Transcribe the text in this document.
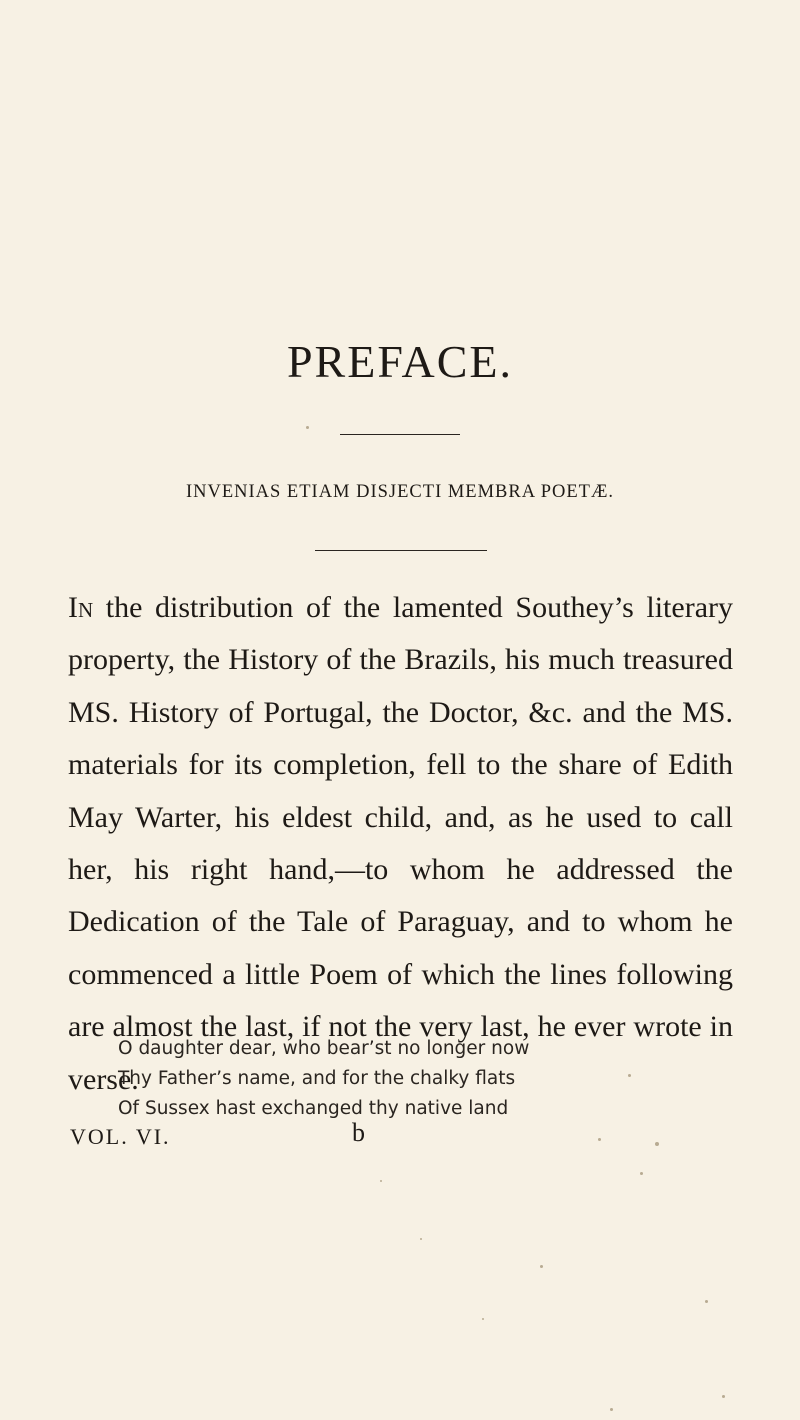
PREFACE.

INVENIAS ETIAM DISJECTI MEMBRA POETÆ.

In the distribution of the lamented Southey’s literary property, the History of the Brazils, his much treasured MS. History of Portugal, the Doctor, &c. and the MS. materials for its completion, fell to the share of Edith May Warter, his eldest child, and, as he used to call her, his right hand,—to whom he addressed the Dedication of the Tale of Paraguay, and to whom he commenced a little Poem of which the lines following are almost the last, if not the very last, he ever wrote in verse.

O daughter dear, who bear’st no longer now
Thy Father’s name, and for the chalky flats
Of Sussex hast exchanged thy native land

VOL. VI.	b
